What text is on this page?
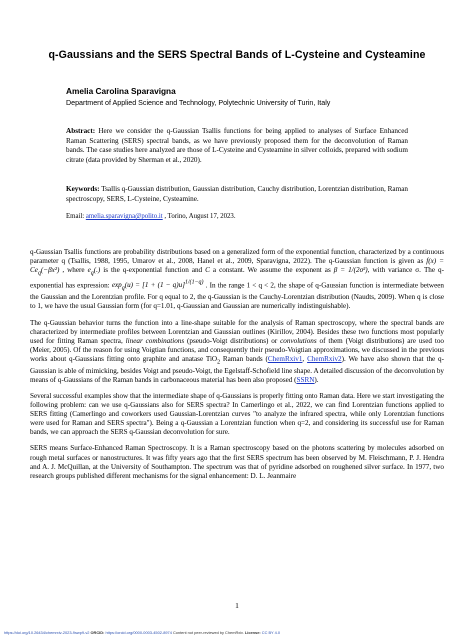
q-Gaussians and the SERS Spectral Bands of L-Cysteine and Cysteamine
Amelia Carolina Sparavigna
Department of Applied Science and Technology, Polytechnic University of Turin, Italy
Abstract: Here we consider the q-Gaussian Tsallis functions for being applied to analyses of Surface Enhanced Raman Scattering (SERS) spectral bands, as we have previously proposed them for the deconvolution of Raman bands. The case studies here analyzed are those of L-Cysteine and Cysteamine in silver colloids, prepared with sodium citrate (data provided by Sherman et al., 2020).
Keywords: Tsallis q-Gaussian distribution, Gaussian distribution, Cauchy distribution, Lorentzian distribution, Raman spectroscopy, SERS, L-Cysteine, Cysteamine.
Email: amelia.sparavigna@polito.it , Torino, August 17, 2023.

q-Gaussian Tsallis functions are probability distributions based on a generalized form of the exponential function, characterized by a continuous parameter q (Tsallis, 1988, 1995, Umarov et al., 2008, Hanel et al., 2009, Sparavigna, 2022). The q-Gaussian function is given as $f(x) = Ce_q(-\beta x^2)$ , where $e_q(.)$ is the q-exponential function and C a constant. We assume the exponent as β = 1/(2σ²), with variance σ. The q-exponential has expression: $\exp_q(u) = [1 + (1 - q)u]^{1/(1-q)}$ . In the range 1 < q < 2, the shape of q-Gaussian function is intermediate between the Gaussian and the Lorentzian profile. For q equal to 2, the q-Gaussian is the Cauchy-Lorentzian distribution (Naudts, 2009). When q is close to 1, we have the usual Gaussian form (for q=1.01, q-Gaussian and Gaussian are numerically indistinguishable).

The q-Gaussian behavior turns the function into a line-shape suitable for the analysis of Raman spectroscopy, where the spectral bands are characterized by intermediate profiles between Lorentzian and Gaussian outlines (Kirillov, 2004). Besides these two functions most popularly used for fitting Raman spectra, linear combinations (pseudo-Voigt distributions) or convolutions of them (Voigt distributions) are used too (Meier, 2005). Of the reason for using Voigtian functions, and consequently their pseudo-Voigtian approximations, we discussed in the previous works about q-Gaussians fitting onto graphite and anatase TiO$_2$ Raman bands (ChemRxiv1, ChemRxiv2). We have also shown that the q-Gaussian is able of mimicking, besides Voigt and pseudo-Voigt, the Egelstaff-Schofield line shape. A detailed discussion of the deconvolution by means of q-Gaussians of the Raman bands in carbonaceous material has been also proposed (SSRN).

Several successful examples show that the intermediate shape of q-Gaussians is properly fitting onto Raman data. Here we start investigating the following problem: can we use q-Gaussians also for SERS spectra? In Camerlingo et al., 2022, we can find Lorentzian functions applied to SERS fitting (Camerlingo and coworkers used Gaussian-Lorentzian curves "to analyze the infrared spectra, while only Lorentzian functions were used for Raman and SERS spectra"). Being a q-Gaussian a Lorentzian function when q=2, and considering its successful use for Raman bands, we can approach the SERS q-Gaussian deconvolution for sure.

SERS means Surface-Enhanced Raman Spectroscopy. It is a Raman spectroscopy based on the photons scattering by molecules adsorbed on rough metal surfaces or nanostructures. It was fifty years ago that the first SERS spectrum has been observed by M. Fleischmann, P. J. Hendra and A. J. McQuillan, at the University of Southampton. The spectrum was that of pyridine adsorbed on roughened silver surface. In 1977, two research groups published different mechanisms for the signal enhancement: D. L. Jeanmaire

1
https://doi.org/10.26434/chemrxiv-2023-9swp9-v2 ORCID: https://orcid.org/0000-0003-4502-8974 Content not peer-reviewed by ChemRxiv. License: CC BY 4.0
